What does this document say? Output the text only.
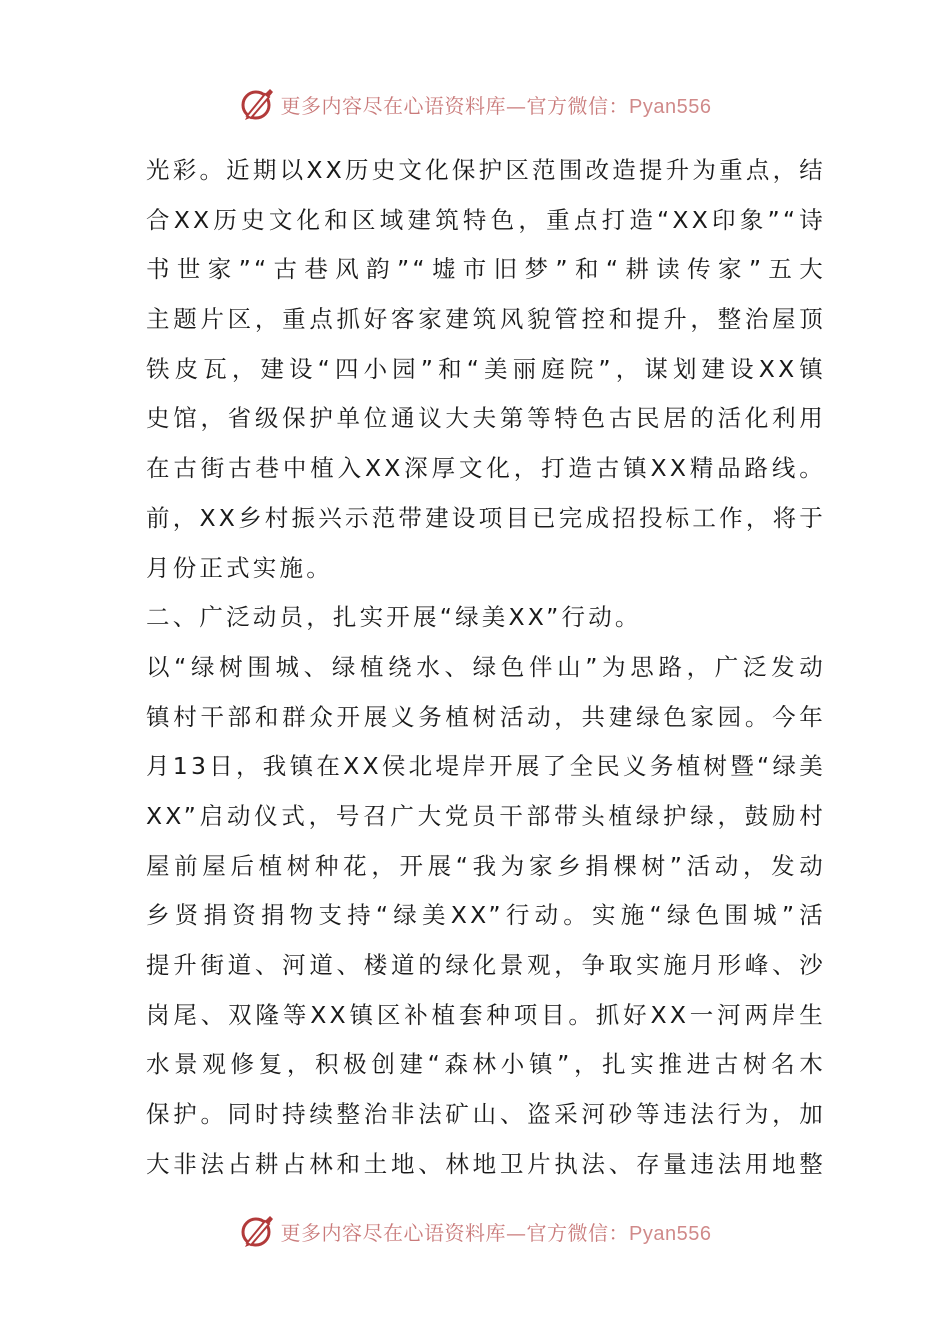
更多内容尽在心语资料库—官方微信：Pyan556
光彩。近期以XX历史文化保护区范围改造提升为重点，结
合XX历史文化和区域建筑特色，重点打造“XX印象”“诗
书世家”“古巷风韵”“墟市旧梦”和“耕读传家”五大
主题片区，重点抓好客家建筑风貌管控和提升，整治屋顶
铁皮瓦，建设“四小园”和“美丽庭院”，谋划建设XX镇
史馆，省级保护单位通议大夫第等特色古民居的活化利用
在古街古巷中植入XX深厚文化，打造古镇XX精品路线。
前，XX乡村振兴示范带建设项目已完成招投标工作，将于
月份正式实施。
二、广泛动员，扎实开展“绿美XX”行动。
以“绿树围城、绿植绕水、绿色伴山”为思路，广泛发动
镇村干部和群众开展义务植树活动，共建绿色家园。今年
月13日，我镇在XX侯北堤岸开展了全民义务植树暨“绿美
XX”启动仪式，号召广大党员干部带头植绿护绿，鼓励村
屋前屋后植树种花，开展“我为家乡捐棵树”活动，发动
乡贤捐资捐物支持“绿美XX”行动。实施“绿色围城”活
提升街道、河道、楼道的绿化景观，争取实施月形峰、沙
岗尾、双隆等XX镇区补植套种项目。抓好XX一河两岸生
水景观修复，积极创建“森林小镇”，扎实推进古树名木
保护。同时持续整治非法矿山、盗采河砂等违法行为，加
大非法占耕占林和土地、林地卫片执法、存量违法用地整
更多内容尽在心语资料库—官方微信：Pyan556
